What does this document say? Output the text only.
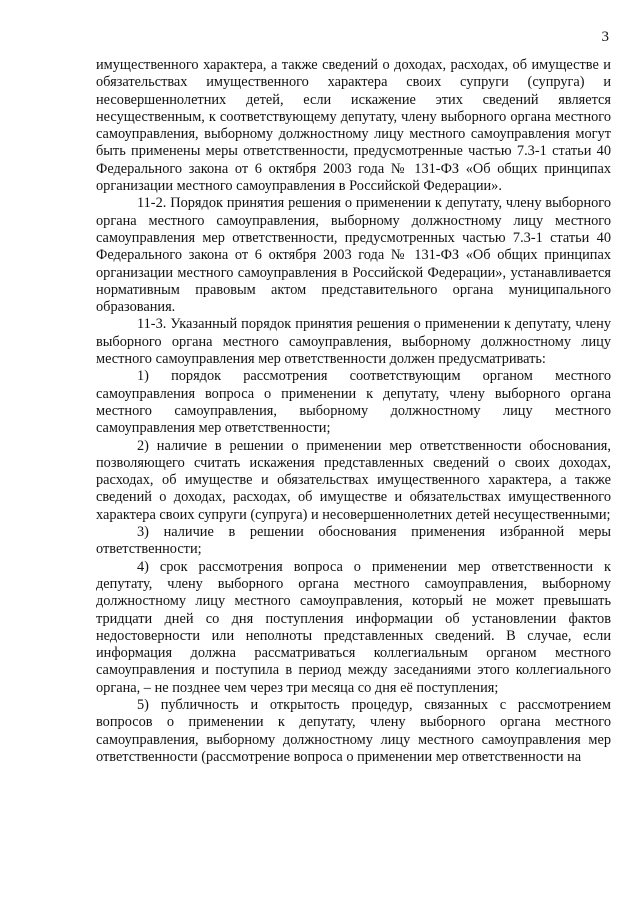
3

имущественного характера, а также сведений о доходах, расходах, об имуществе и обязательствах имущественного характера своих супруги (супруга) и несовершеннолетних детей, если искажение этих сведений является несущественным, к соответствующему депутату, члену выборного органа местного самоуправления, выборному должностному лицу местного самоуправления могут быть применены меры ответственности, предусмотренные частью 7.3-1 статьи 40 Федерального закона от 6 октября 2003 года № 131-ФЗ «Об общих принципах организации местного самоуправления в Российской Федерации».

11-2. Порядок принятия решения о применении к депутату, члену выборного органа местного самоуправления, выборному должностному лицу местного самоуправления мер ответственности, предусмотренных частью 7.3-1 статьи 40 Федерального закона от 6 октября 2003 года № 131-ФЗ «Об общих принципах организации местного самоуправления в Российской Федерации», устанавливается нормативным правовым актом представительного органа муниципального образования.

11-3. Указанный порядок принятия решения о применении к депутату, члену выборного органа местного самоуправления, выборному должностному лицу местного самоуправления мер ответственности должен предусматривать:

1) порядок рассмотрения соответствующим органом местного самоуправления вопроса о применении к депутату, члену выборного органа местного самоуправления, выборному должностному лицу местного самоуправления мер ответственности;

2) наличие в решении о применении мер ответственности обоснования, позволяющего считать искажения представленных сведений о своих доходах, расходах, об имуществе и обязательствах имущественного характера, а также сведений о доходах, расходах, об имуществе и обязательствах имущественного характера своих супруги (супруга) и несовершеннолетних детей несущественными;

3) наличие в решении обоснования применения избранной меры ответственности;

4) срок рассмотрения вопроса о применении мер ответственности к депутату, члену выборного органа местного самоуправления, выборному должностному лицу местного самоуправления, который не может превышать тридцати дней со дня поступления информации об установлении фактов недостоверности или неполноты представленных сведений. В случае, если информация должна рассматриваться коллегиальным органом местного самоуправления и поступила в период между заседаниями этого коллегиального органа, – не позднее чем через три месяца со дня её поступления;

5) публичность и открытость процедур, связанных с рассмотрением вопросов о применении к депутату, члену выборного органа местного самоуправления, выборному должностному лицу местного самоуправления мер ответственности (рассмотрение вопроса о применении мер ответственности на
